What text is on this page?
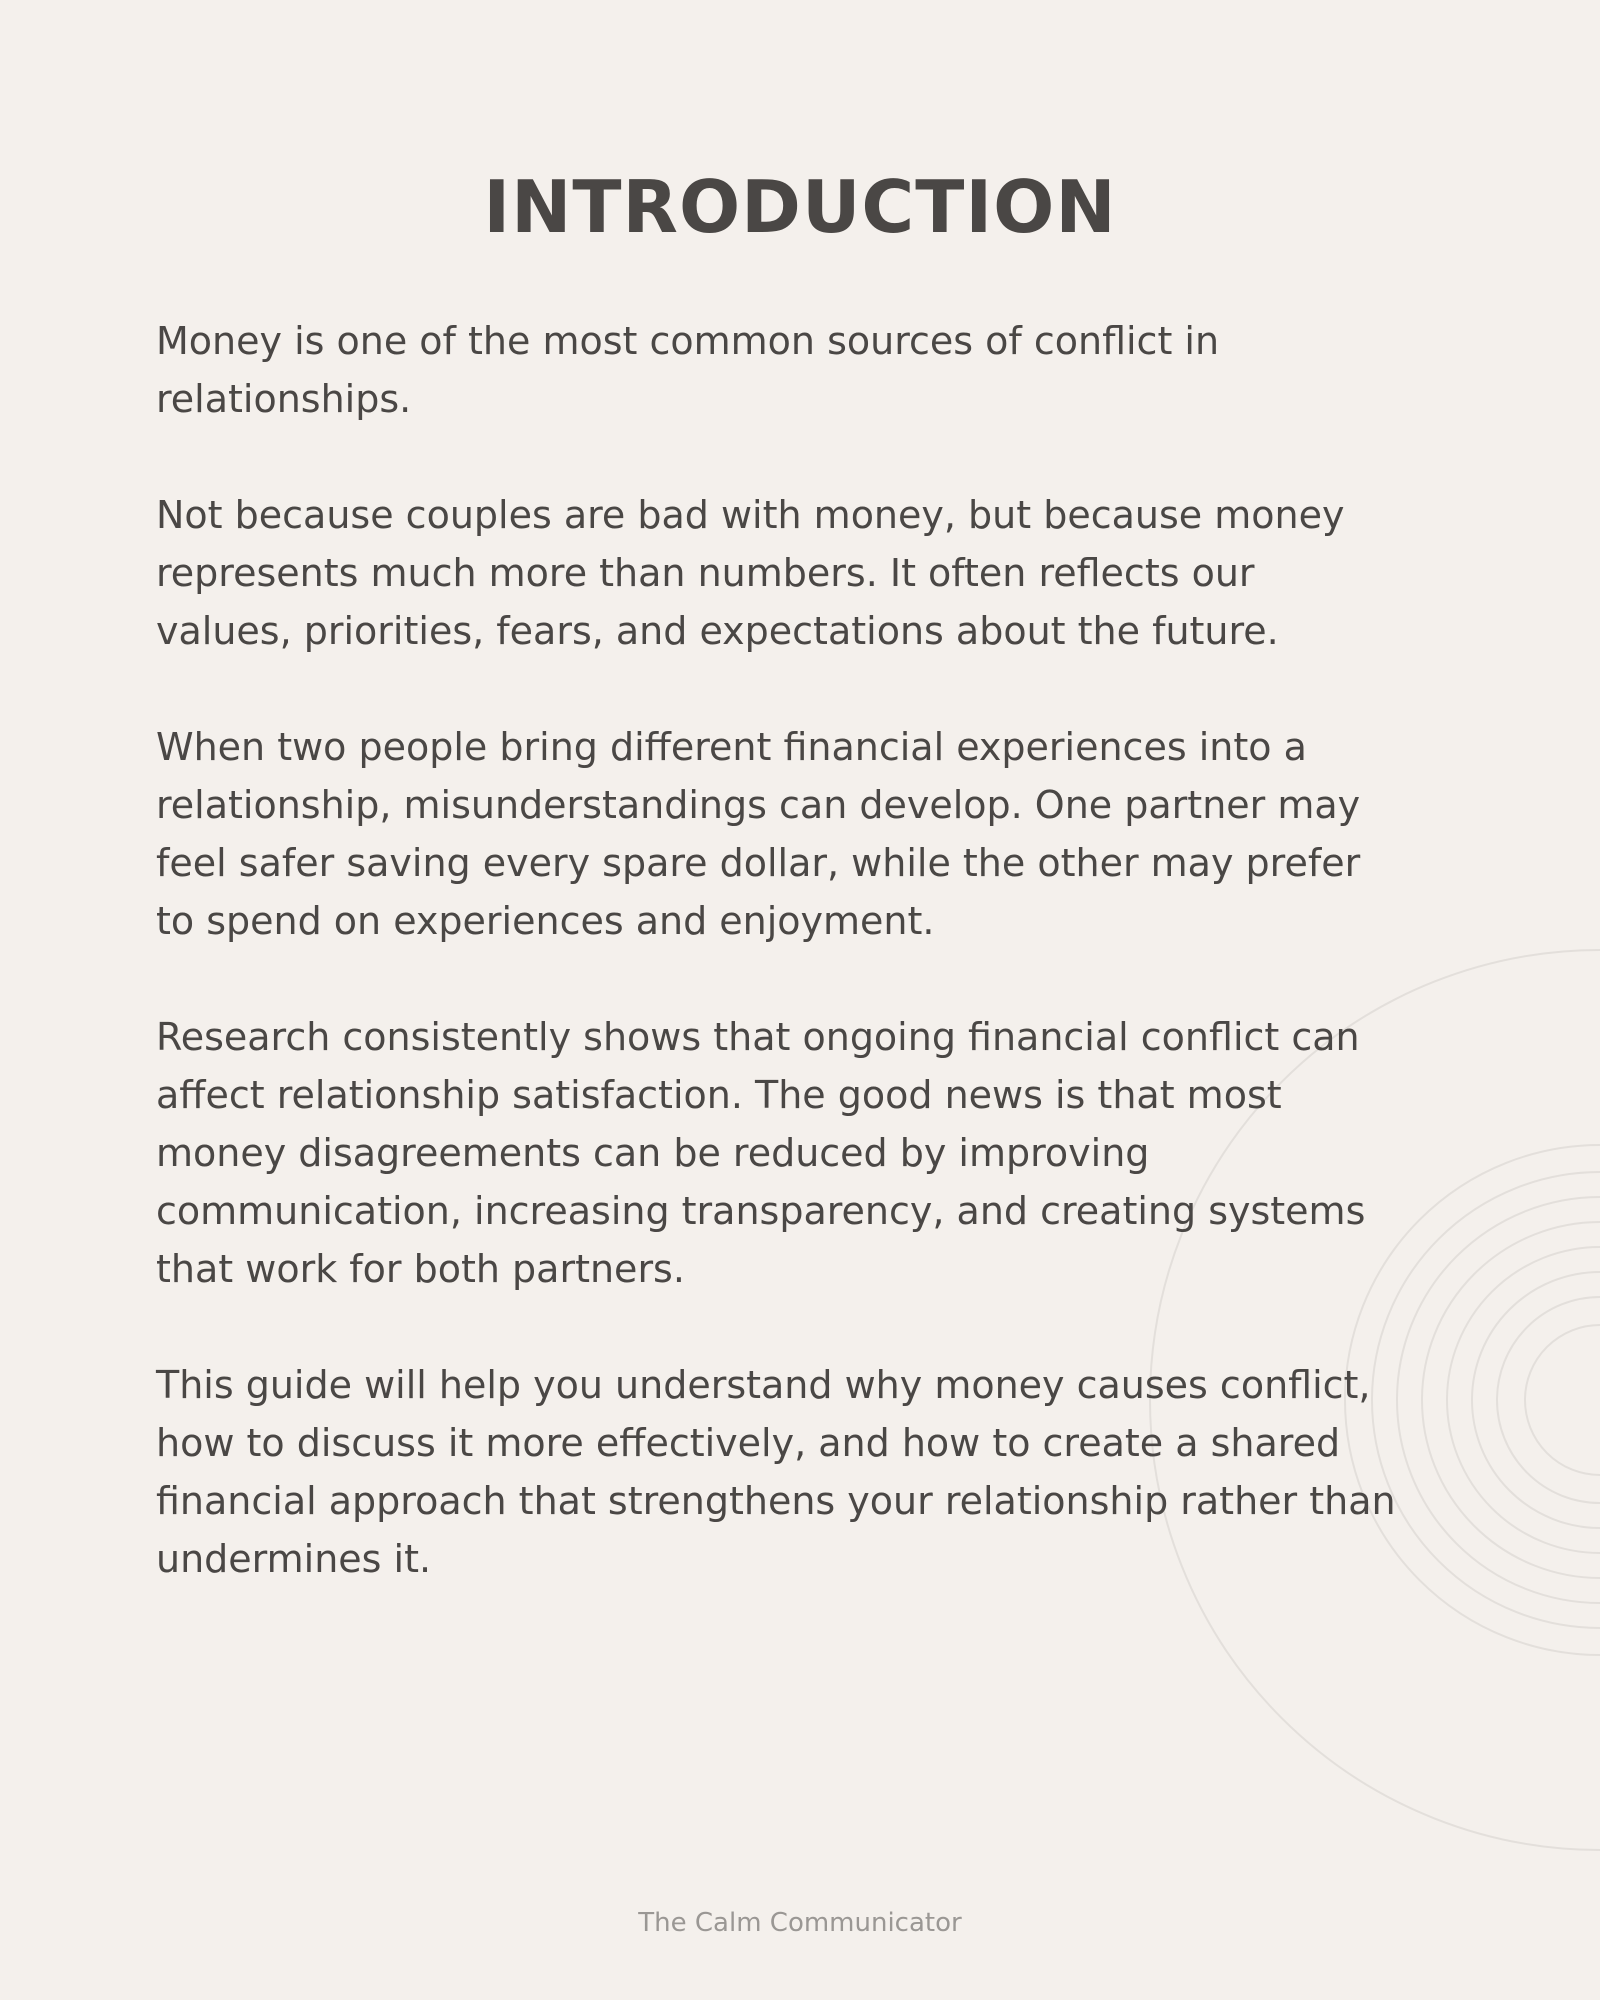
INTRODUCTION

Money is one of the most common sources of conflict in relationships.

Not because couples are bad with money, but because money represents much more than numbers. It often reflects our values, priorities, fears, and expectations about the future.

When two people bring different financial experiences into a relationship, misunderstandings can develop. One partner may feel safer saving every spare dollar, while the other may prefer to spend on experiences and enjoyment.

Research consistently shows that ongoing financial conflict can affect relationship satisfaction. The good news is that most money disagreements can be reduced by improving communication, increasing transparency, and creating systems that work for both partners.

This guide will help you understand why money causes conflict, how to discuss it more effectively, and how to create a shared financial approach that strengthens your relationship rather than undermines it.

The Calm Communicator
